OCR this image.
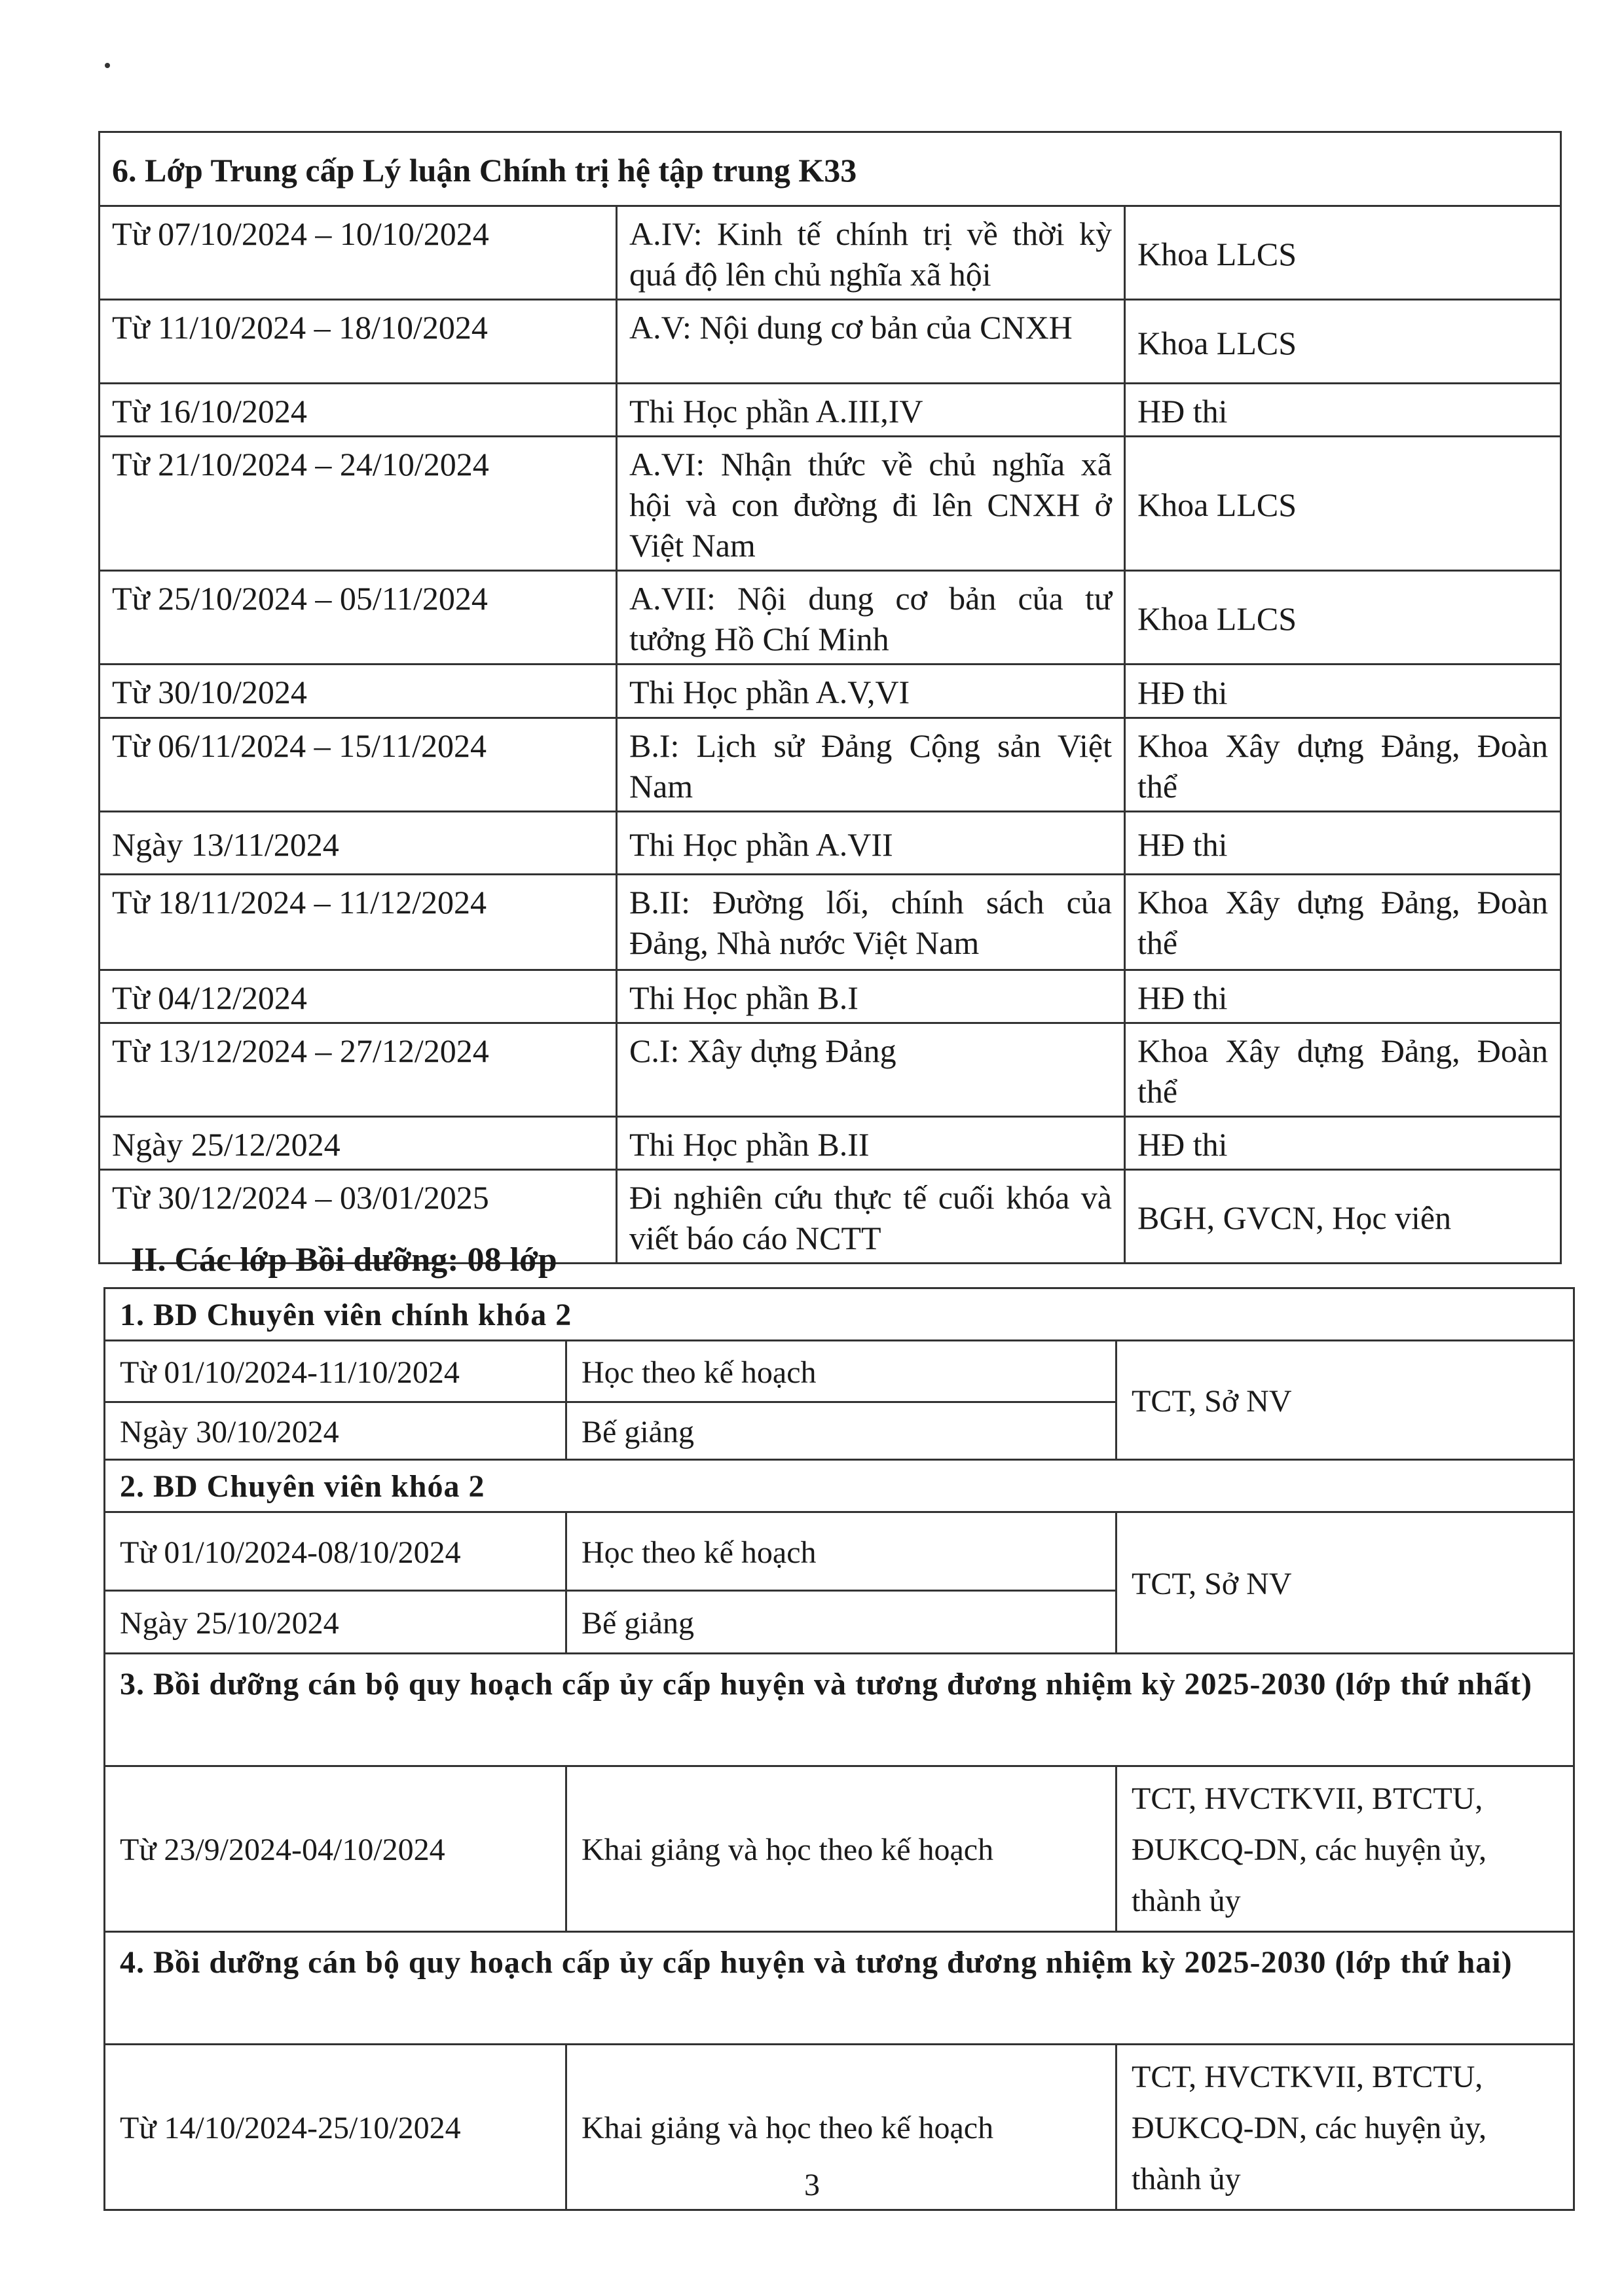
6. Lớp Trung cấp Lý luận Chính trị hệ tập trung K33		
Từ 07/10/2024 – 10/10/2024	A.IV: Kinh tế chính trị về thời kỳ quá độ lên chủ nghĩa xã hội	Khoa LLCS
Từ 11/10/2024 – 18/10/2024	A.V: Nội dung cơ bản của CNXH	Khoa LLCS
Từ 16/10/2024	Thi Học phần A.III,IV	HĐ thi
Từ 21/10/2024 – 24/10/2024	A.VI: Nhận thức về chủ nghĩa xã hội và con đường đi lên CNXH ở Việt Nam	Khoa LLCS
Từ 25/10/2024 – 05/11/2024	A.VII: Nội dung cơ bản của tư tưởng Hồ Chí Minh	Khoa LLCS
Từ 30/10/2024	Thi Học phần A.V,VI	HĐ thi
Từ 06/11/2024 – 15/11/2024	B.I: Lịch sử Đảng Cộng sản Việt Nam	Khoa Xây dựng Đảng, Đoàn thể
Ngày 13/11/2024	Thi Học phần A.VII	HĐ thi
Từ 18/11/2024 – 11/12/2024	B.II: Đường lối, chính sách của Đảng, Nhà nước Việt Nam	Khoa Xây dựng Đảng, Đoàn thể
Từ 04/12/2024	Thi Học phần B.I	HĐ thi
Từ 13/12/2024 – 27/12/2024	C.I: Xây dựng Đảng	Khoa Xây dựng Đảng, Đoàn thể
Ngày 25/12/2024	Thi Học phần B.II	HĐ thi
Từ 30/12/2024 – 03/01/2025	Đi nghiên cứu thực tế cuối khóa và viết báo cáo NCTT	BGH, GVCN, Học viên

II. Các lớp Bồi dưỡng: 08 lớp

1. BD Chuyên viên chính khóa 2		
Từ 01/10/2024-11/10/2024	Học theo kế hoạch	TCT, Sở NV
Ngày 30/10/2024	Bế giảng	
2. BD Chuyên viên khóa 2		
Từ 01/10/2024-08/10/2024	Học theo kế hoạch	TCT, Sở NV
Ngày 25/10/2024	Bế giảng	
3. Bồi dưỡng cán bộ quy hoạch cấp ủy cấp huyện và tương đương nhiệm kỳ 2025-2030 (lớp thứ nhất)		
Từ 23/9/2024-04/10/2024	Khai giảng và học theo kế hoạch	TCT, HVCTKVII, BTCTU, ĐUKCQ-DN, các huyện ủy, thành ủy
4. Bồi dưỡng cán bộ quy hoạch cấp ủy cấp huyện và tương đương nhiệm kỳ 2025-2030 (lớp thứ hai)		
Từ 14/10/2024-25/10/2024	Khai giảng và học theo kế hoạch	TCT, HVCTKVII, BTCTU, ĐUKCQ-DN, các huyện ủy, thành ủy
3
